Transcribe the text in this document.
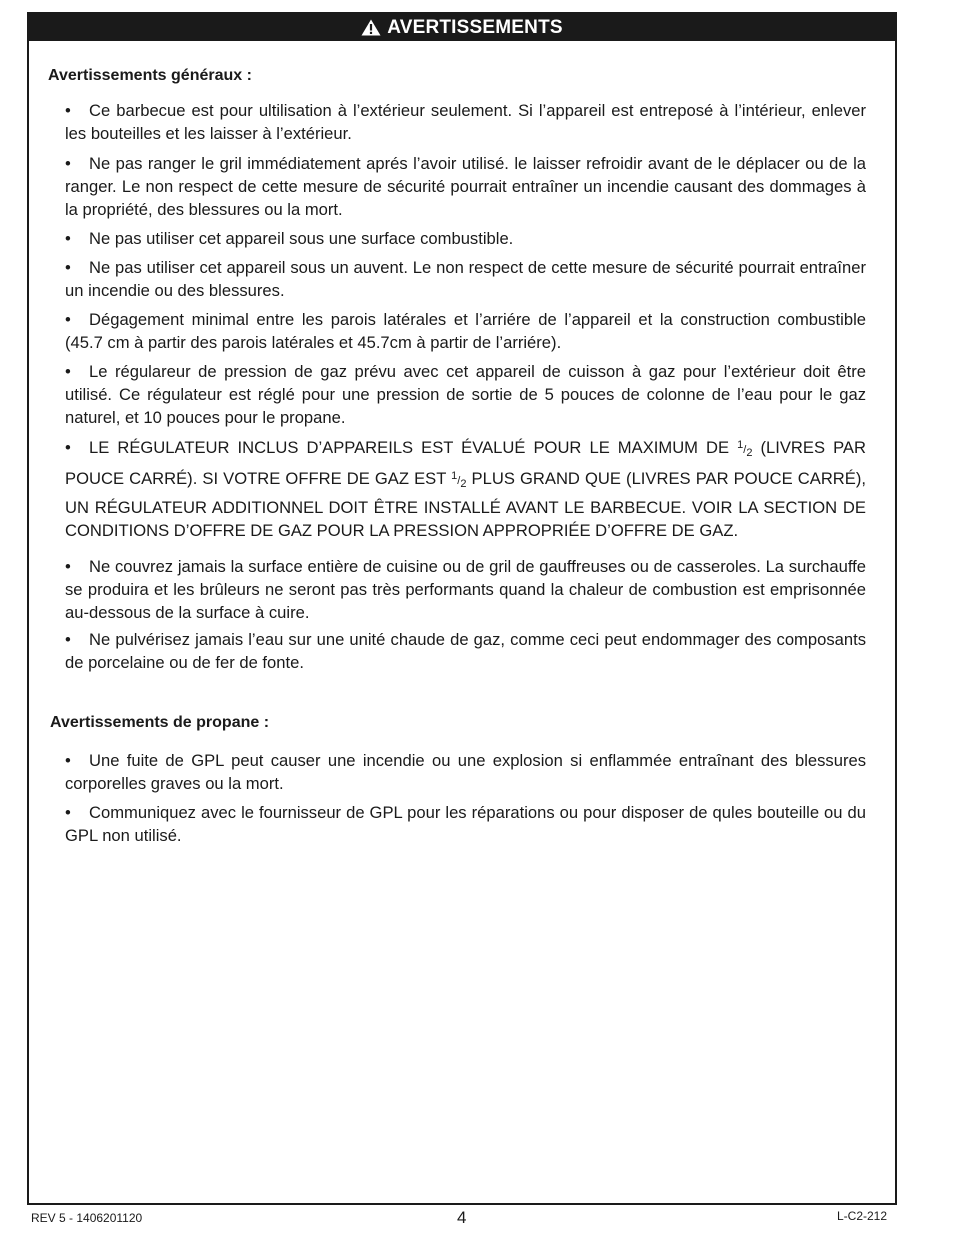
AVERTISSEMENTS
Avertissements généraux :

• Ce barbecue est pour ultilisation à l’extérieur seulement. Si l’appareil est entreposé à l’intérieur, enlever les bouteilles et les laisser à l’extérieur.

• Ne pas ranger le gril immédiatement aprés l’avoir utilisé. le laisser refroidir avant de le déplacer ou de la ranger. Le non respect de cette mesure de sécurité pourrait entraîner un incendie causant des dommages à la propriété, des blessures ou la mort.

• Ne pas utiliser cet appareil sous une surface combustible.

• Ne pas utiliser cet appareil sous un auvent. Le non respect de cette mesure de sécurité pourrait entraîner un incendie ou des blessures.

• Dégagement minimal entre les parois latérales et l’arriére de l’appareil et la construction combustible (45.7 cm à partir des parois latérales et 45.7cm à partir de l’arriére).

• Le régulareur de pression de gaz prévu avec cet appareil de cuisson à gaz pour l’extérieur doit être utilisé. Ce régulateur est réglé pour une pression de sortie de 5 pouces de colonne de l’eau pour le gaz naturel, et 10 pouces pour le propane.

• LE RÉGULATEUR INCLUS D’APPAREILS EST ÉVALUÉ POUR LE MAXIMUM DE 1/2 (LIVRES PAR POUCE CARRÉ). SI VOTRE OFFRE DE GAZ EST 1/2 PLUS GRAND QUE (LIVRES PAR POUCE CARRÉ), UN RÉGULATEUR ADDITIONNEL DOIT ÊTRE INSTALLÉ AVANT LE BARBECUE. VOIR LA SECTION DE CONDITIONS D’OFFRE DE GAZ POUR LA PRESSION APPROPRIÉE D’OFFRE DE GAZ.

• Ne couvrez jamais la surface entière de cuisine ou de gril de gauffreuses ou de casseroles. La surchauffe se produira et les brûleurs ne seront pas très performants quand la chaleur de combustion est emprisonnée au-dessous de la surface à cuire.

• Ne pulvérisez jamais l’eau sur une unité chaude de gaz, comme ceci peut endommager des composants de porcelaine ou de fer de fonte.

Avertissements de propane :

• Une fuite de GPL peut causer une incendie ou une explosion si enflammée entraînant des blessures corporelles graves ou la mort.

• Communiquez avec le fournisseur de GPL pour les réparations ou pour disposer de qules bouteille ou du GPL non utilisé.

REV 5 - 1406201120	4	L-C2-212
